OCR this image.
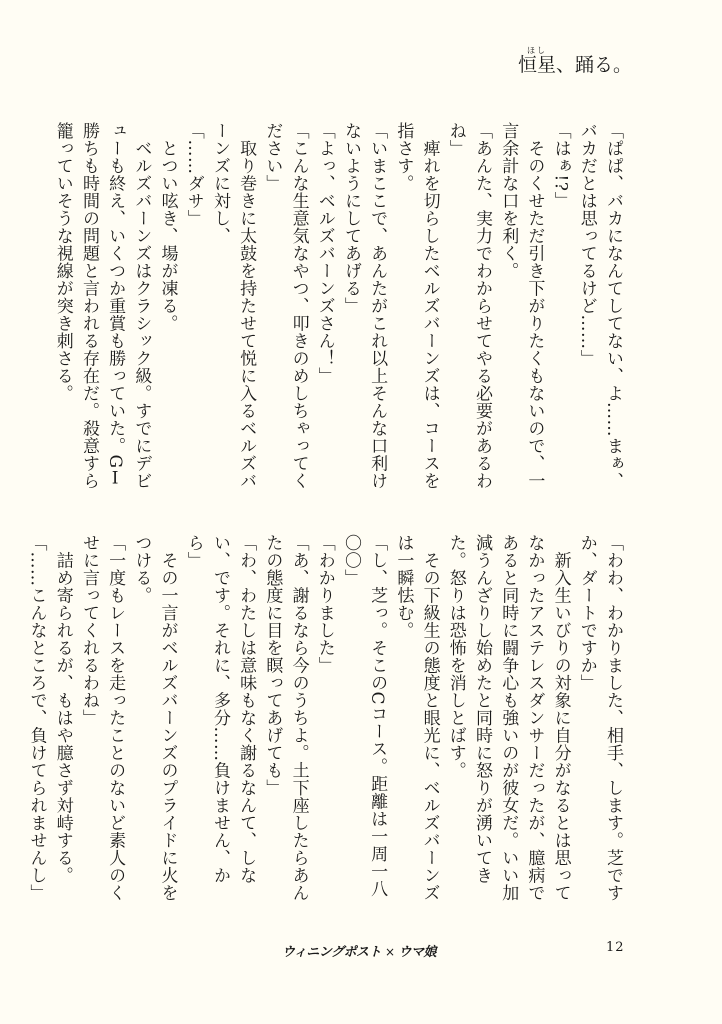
ほし
恒星、踊る。

「ぱぱ、バカになんてしてない、よ……まぁ、バカだとは思ってるけど……」

「はぁ!?」

　そのくせただ引き下がりたくもないので、一言余計な口を利く。

「あんた、実力でわからせてやる必要があるわね」

　痺れを切らしたベルズバーンズは、コースを指さす。

「いまここで、あんたがこれ以上そんな口利けないようにしてあげる」

「よっ、ベルズバーンズさん！」

「こんな生意気なやつ、叩きのめしちゃってください」

　取り巻きに太鼓を持たせて悦に入るベルズバーンズに対し、

「……ダサ」

　とつい呟き、場が凍る。

　ベルズバーンズはクラシック級。すでにデビューも終え、いくつか重賞も勝っていた。GⅠ勝ちも時間の問題と言われる存在だ。殺意すら籠っていそうな視線が突き刺さる。

「わわ、わかりました、相手、します。芝ですか、ダートですか」

　新入生いびりの対象に自分がなるとは思ってなかったアステレスダンサーだったが、臆病であると同時に闘争心も強いのが彼女だ。いい加減うんざりし始めたと同時に怒りが湧いてきた。怒りは恐怖を消しとばす。

　その下級生の態度と眼光に、ベルズバーンズは一瞬怯む。

「し、芝っ。そこのCコース。距離は一周一八〇〇」

「わかりました」

「あ、謝るなら今のうちよ。土下座したらあんたの態度に目を瞑ってあげても」

「わ、わたしは意味もなく謝るなんて、しない、です。それに、多分……負けません、から」

　その一言がベルズバーンズのプライドに火をつける。

「一度もレースを走ったことのないど素人のくせに言ってくれるわね」

　詰め寄られるが、もはや臆さず対峙する。

「……こんなところで、負けてられませんし」

ウィニングポスト × ウマ娘	12
